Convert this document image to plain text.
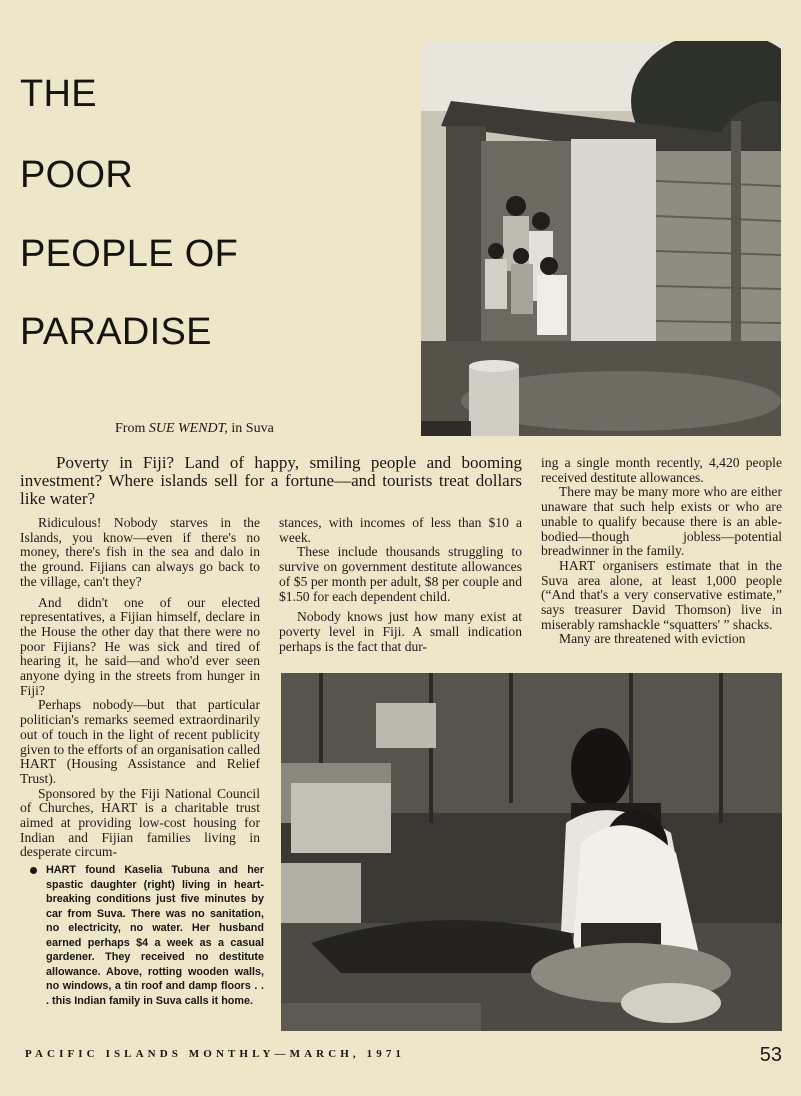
THE
POOR
PEOPLE OF
PARADISE
From SUE WENDT, in Suva

Poverty in Fiji? Land of happy, smiling people and booming investment? Where islands sell for a fortune—and tourists treat dollars like water?

Ridiculous! Nobody starves in the Islands, you know—even if there's no money, there's fish in the sea and dalo in the ground. Fijians can always go back to the village, can't they?

And didn't one of our elected representatives, a Fijian himself, declare in the House the other day that there were no poor Fijians? He was sick and tired of hearing it, he said—and who'd ever seen anyone dying in the streets from hunger in Fiji?

Perhaps nobody—but that particular politician's remarks seemed extraordinarily out of touch in the light of recent publicity given to the efforts of an organisation called HART (Housing Assistance and Relief Trust).

Sponsored by the Fiji National Council of Churches, HART is a charitable trust aimed at providing low-cost housing for Indian and Fijian families living in desperate circum-

stances, with incomes of less than $10 a week.

These include thousands struggling to survive on government destitute allowances of $5 per month per adult, $8 per couple and $1.50 for each dependent child.

Nobody knows just how many exist at poverty level in Fiji. A small indication perhaps is the fact that dur-

ing a single month recently, 4,420 people received destitute allowances.

There may be many more who are either unaware that such help exists or who are unable to qualify because there is an able-bodied—though jobless—potential breadwinner in the family.

HART organisers estimate that in the Suva area alone, at least 1,000 people (“And that's a very conservative estimate,” says treasurer David Thomson) live in miserably ramshackle “squatters' ” shacks.

Many are threatened with eviction

HART found Kaselia Tubuna and her spastic daughter (right) living in heart-breaking conditions just five minutes by car from Suva. There was no sanitation, no electricity, no water. Her husband earned perhaps $4 a week as a casual gardener. They received no destitute allowance. Above, rotting wooden walls, no windows, a tin roof and damp floors . . . this Indian family in Suva calls it home.
PACIFIC ISLANDS MONTHLY—MARCH, 1971	53
